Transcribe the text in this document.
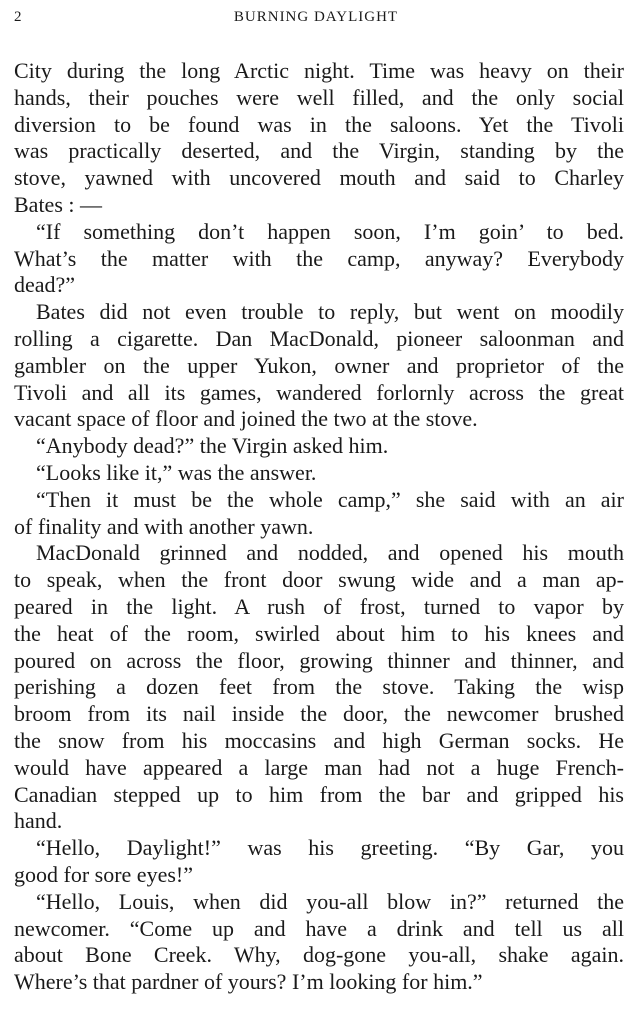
2	BURNING DAYLIGHT
City during the long Arctic night. Time was heavy on their
hands, their pouches were well filled, and the only social
diversion to be found was in the saloons. Yet the Tivoli
was practically deserted, and the Virgin, standing by the
stove, yawned with uncovered mouth and said to Charley
Bates : —
“If something don’t happen soon, I’m goin’ to bed.
What’s the matter with the camp, anyway? Everybody
dead?”
Bates did not even trouble to reply, but went on moodily
rolling a cigarette. Dan MacDonald, pioneer saloonman and
gambler on the upper Yukon, owner and proprietor of the
Tivoli and all its games, wandered forlornly across the great
vacant space of floor and joined the two at the stove.
“Anybody dead?” the Virgin asked him.
“Looks like it,” was the answer.
“Then it must be the whole camp,” she said with an air
of finality and with another yawn.
MacDonald grinned and nodded, and opened his mouth
to speak, when the front door swung wide and a man ap-
peared in the light. A rush of frost, turned to vapor by
the heat of the room, swirled about him to his knees and
poured on across the floor, growing thinner and thinner, and
perishing a dozen feet from the stove. Taking the wisp
broom from its nail inside the door, the newcomer brushed
the snow from his moccasins and high German socks. He
would have appeared a large man had not a huge French-
Canadian stepped up to him from the bar and gripped his
hand.
“Hello, Daylight!” was his greeting. “By Gar, you
good for sore eyes!”
“Hello, Louis, when did you-all blow in?” returned the
newcomer. “Come up and have a drink and tell us all
about Bone Creek. Why, dog-gone you-all, shake again.
Where’s that pardner of yours? I’m looking for him.”
